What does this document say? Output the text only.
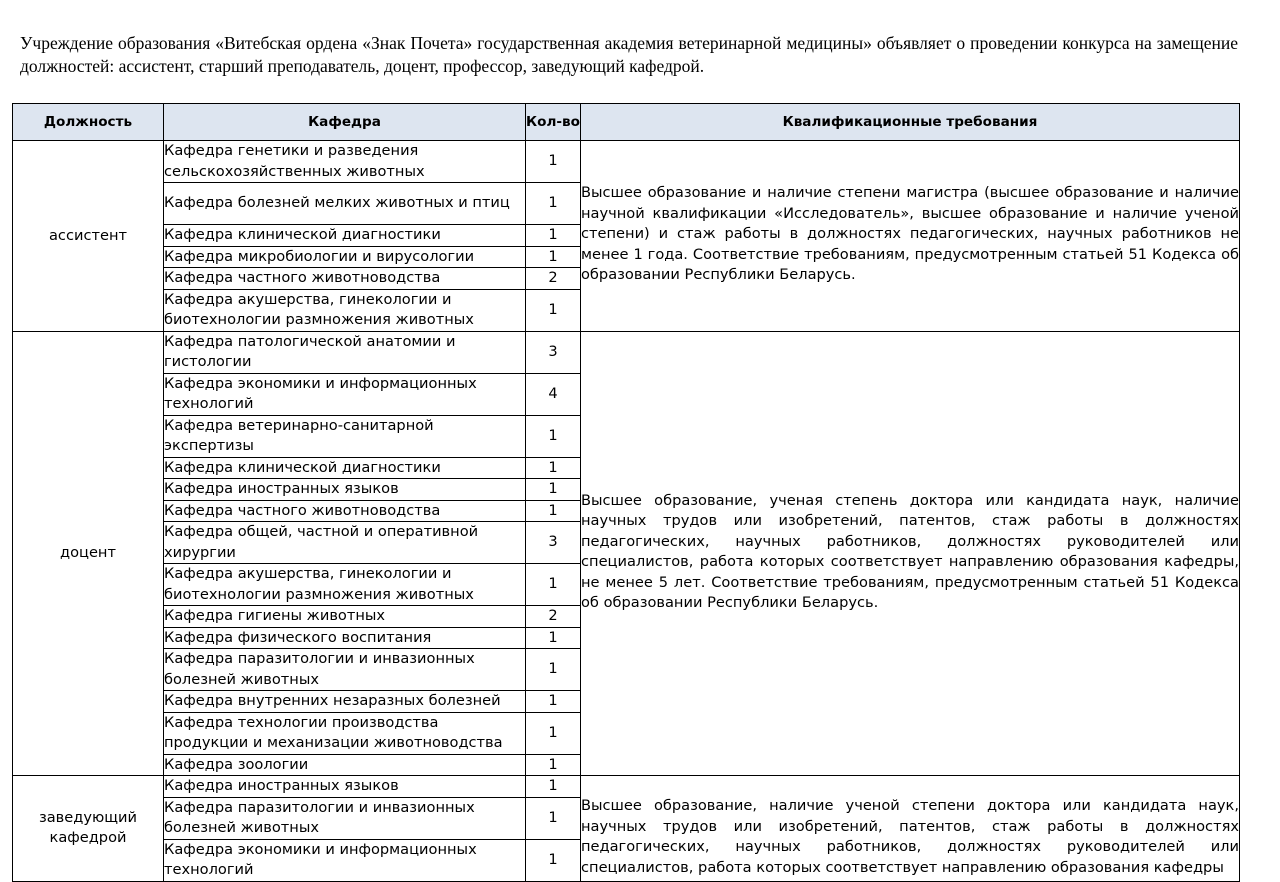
Учреждение образования «Витебская ордена «Знак Почета» государственная академия ветеринарной медицины» объявляет о проведении конкурса на замещение должностей: ассистент, старший преподаватель, доцент, профессор, заведующий кафедрой.

Должность	Кафедра	Кол-во	Квалификационные требования
ассистент	Кафедра генетики и разведения сельскохозяйственных животных	1	Высшее образование и наличие степени магистра (высшее образование и наличие научной квалификации «Исследователь», высшее образование и наличие ученой степени) и стаж работы в должностях педагогических, научных работников не менее 1 года. Соответствие требованиям, предусмотренным статьей 51 Кодекса об образовании Республики Беларусь.
	Кафедра болезней мелких животных и птиц	1	
	Кафедра клинической диагностики	1	
	Кафедра микробиологии и вирусологии	1	
	Кафедра частного животноводства	2	
	Кафедра акушерства, гинекологии и биотехнологии размножения животных	1	
доцент	Кафедра патологической анатомии и гистологии	3	Высшее образование, ученая степень доктора или кандидата наук, наличие научных трудов или изобретений, патентов, стаж работы в должностях педагогических, научных работников, должностях руководителей или специалистов, работа которых соответствует направлению образования кафедры, не менее 5 лет. Соответствие требованиям, предусмотренным статьей 51 Кодекса об образовании Республики Беларусь.
	Кафедра экономики и информационных технологий	4	
	Кафедра ветеринарно-санитарной экспертизы	1	
	Кафедра клинической диагностики	1	
	Кафедра иностранных языков	1	
	Кафедра частного животноводства	1	
	Кафедра общей, частной и оперативной хирургии	3	
	Кафедра акушерства, гинекологии и биотехнологии размножения животных	1	
	Кафедра гигиены животных	2	
	Кафедра физического воспитания	1	
	Кафедра паразитологии и инвазионных болезней животных	1	
	Кафедра внутренних незаразных болезней	1	
	Кафедра технологии производства продукции и механизации животноводства	1	
	Кафедра зоологии	1	
заведующий кафедрой	Кафедра иностранных языков	1	Высшее образование, наличие ученой степени доктора или кандидата наук, научных трудов или изобретений, патентов, стаж работы в должностях педагогических, научных работников, должностях руководителей или специалистов, работа которых соответствует направлению образования кафедры
	Кафедра паразитологии и инвазионных болезней животных	1	
	Кафедра экономики и информационных технологий	1	
